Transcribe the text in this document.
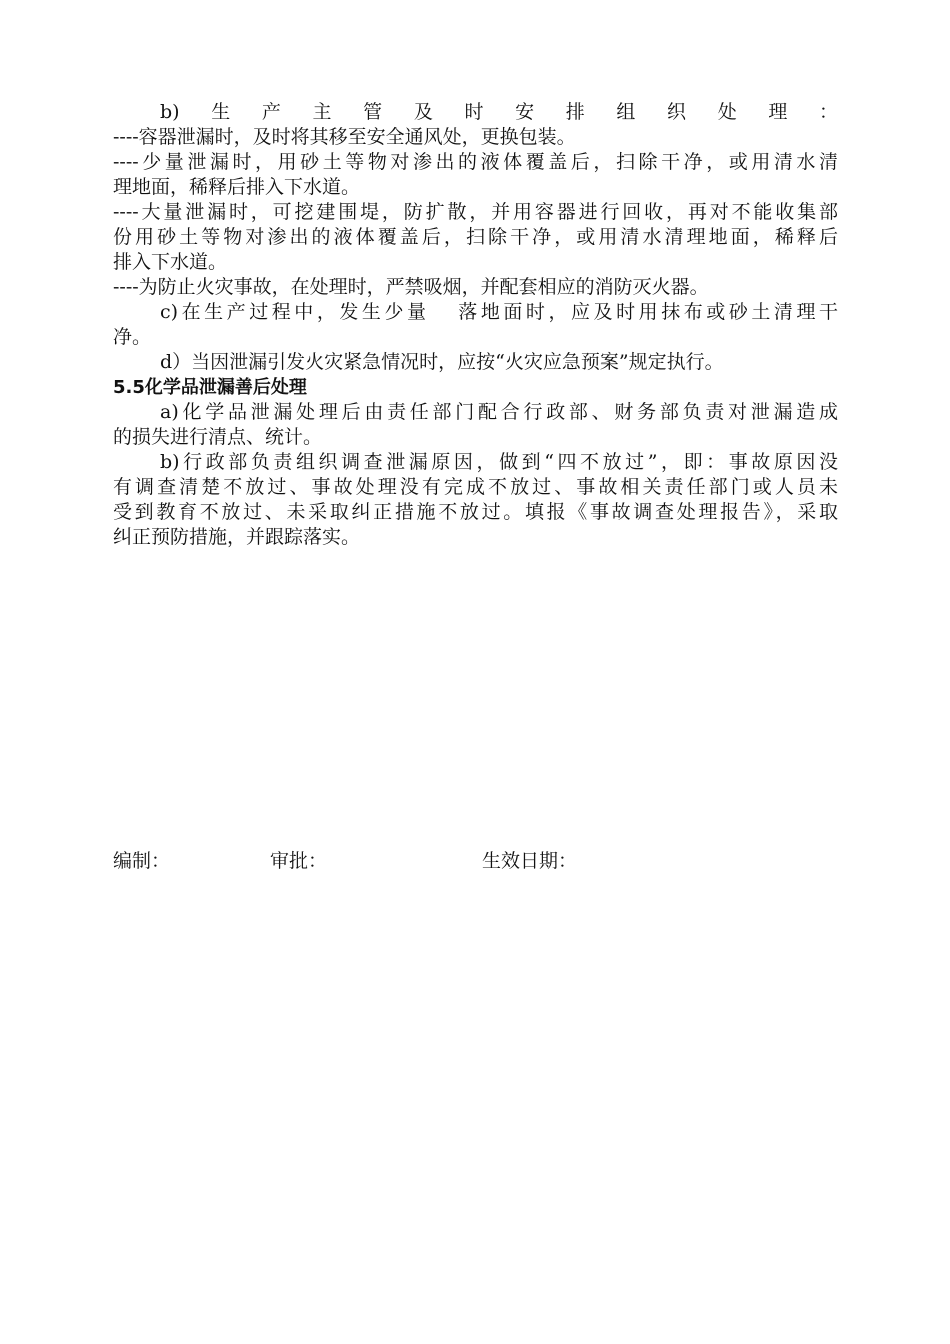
b)生产主管及时安排组织处理：
----容器泄漏时，及时将其移至安全通风处，更换包装。
----少量泄漏时，用砂土等物对渗出的液体覆盖后，扫除干净，或用清水清
理地面，稀释后排入下水道。
----大量泄漏时，可挖建围堤，防扩散，并用容器进行回收，再对不能收集部
份用砂土等物对渗出的液体覆盖后，扫除干净，或用清水清理地面，稀释后
排入下水道。
----为防止火灾事故，在处理时，严禁吸烟，并配套相应的消防灭火器。
c)在生产过程中，发生少量   落地面时，应及时用抹布或砂土清理干
净。
d）当因泄漏引发火灾紧急情况时，应按“火灾应急预案”规定执行。
5.5化学品泄漏善后处理
a)化学品泄漏处理后由责任部门配合行政部、财务部负责对泄漏造成
的损失进行清点、统计。
b)行政部负责组织调查泄漏原因，做到“四不放过”，即：事故原因没
有调查清楚不放过、事故处理没有完成不放过、事故相关责任部门或人员未
受到教育不放过、未采取纠正措施不放过。填报《事故调查处理报告》，采取
纠正预防措施，并跟踪落实。
编制：	审批：	生效日期：
